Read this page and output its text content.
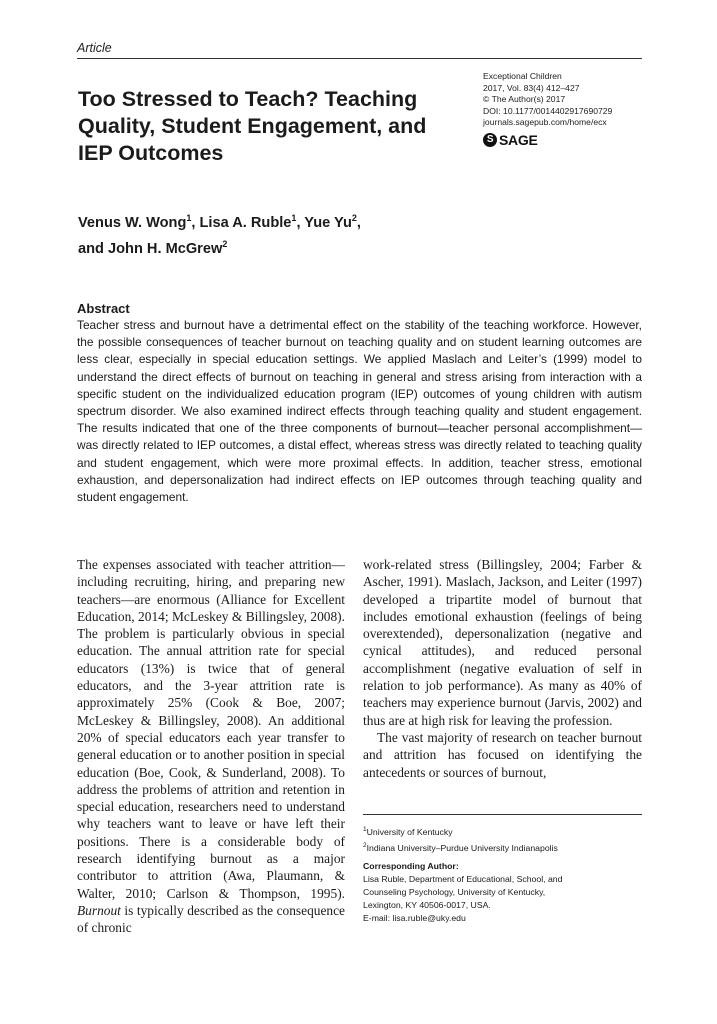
Article
Too Stressed to Teach? Teaching Quality, Student Engagement, and IEP Outcomes
Exceptional Children
2017, Vol. 83(4) 412–427
© The Author(s) 2017
DOI: 10.1177/0014402917690729
journals.sagepub.com/home/ecx
S SAGE
Venus W. Wong$^1$, Lisa A. Ruble$^1$, Yue Yu$^2$,
and John H. McGrew$^2$
Abstract
Teacher stress and burnout have a detrimental effect on the stability of the teaching workforce. However, the possible consequences of teacher burnout on teaching quality and on student learning outcomes are less clear, especially in special education settings. We applied Maslach and Leiter’s (1999) model to understand the direct effects of burnout on teaching in general and stress arising from interaction with a specific student on the individualized education program (IEP) outcomes of young children with autism spectrum disorder. We also examined indirect effects through teaching quality and student engagement. The results indicated that one of the three components of burnout—teacher personal accomplishment—was directly related to IEP outcomes, a distal effect, whereas stress was directly related to teaching quality and student engagement, which were more proximal effects. In addition, teacher stress, emotional exhaustion, and depersonalization had indirect effects on IEP outcomes through teaching quality and student engagement.

The expenses associated with teacher attrition—including recruiting, hiring, and preparing new teachers—are enormous (Alliance for Excellent Education, 2014; McLeskey & Billingsley, 2008). The problem is particularly obvious in special education. The annual attrition rate for special educators (13%) is twice that of general educators, and the 3-year attrition rate is approximately 25% (Cook & Boe, 2007; McLeskey & Billingsley, 2008). An additional 20% of special educators each year transfer to general education or to another position in special education (Boe, Cook, & Sunderland, 2008). To address the problems of attrition and retention in special education, researchers need to understand why teachers want to leave or have left their positions. There is a considerable body of research identifying burnout as a major contributor to attrition (Awa, Plaumann, & Walter, 2010; Carlson & Thompson, 1995). Burnout is typically described as the consequence of chronic

work-related stress (Billingsley, 2004; Farber & Ascher, 1991). Maslach, Jackson, and Leiter (1997) developed a tripartite model of burnout that includes emotional exhaustion (feelings of being overextended), depersonalization (negative and cynical attitudes), and reduced personal accomplishment (negative evaluation of self in relation to job performance). As many as 40% of teachers may experience burnout (Jarvis, 2002) and thus are at high risk for leaving the profession.

The vast majority of research on teacher burnout and attrition has focused on identifying the antecedents or sources of burnout,

$^1$University of Kentucky
$^2$Indiana University–Purdue University Indianapolis
Corresponding Author:
Lisa Ruble, Department of Educational, School, and
Counseling Psychology, University of Kentucky,
Lexington, KY 40506-0017, USA.
E-mail: lisa.ruble@uky.edu
